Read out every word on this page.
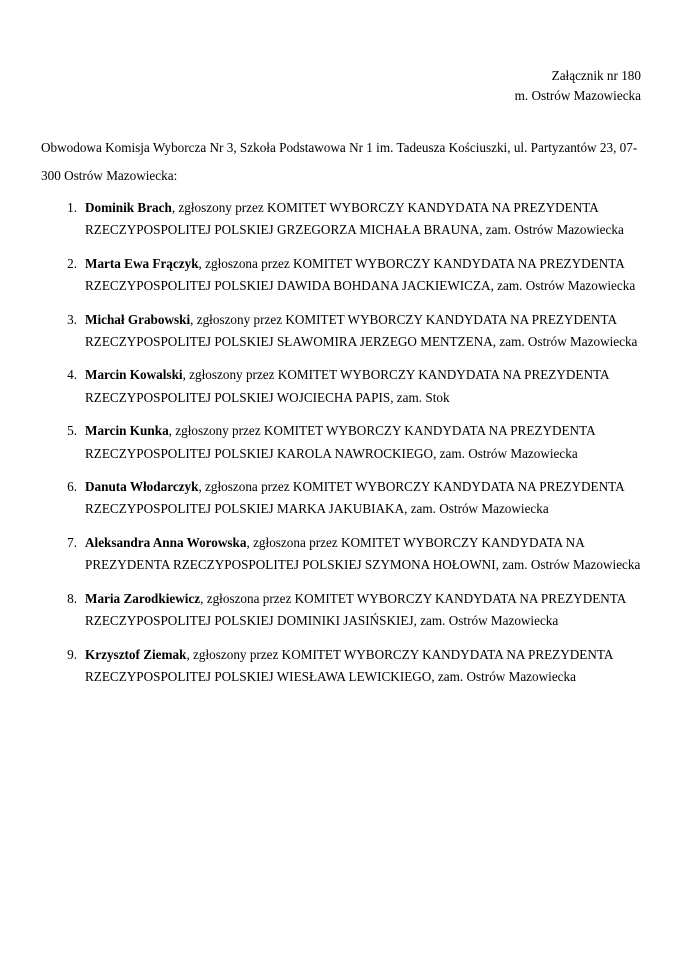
Załącznik nr 180
m. Ostrów Mazowiecka

Obwodowa Komisja Wyborcza Nr 3, Szkoła Podstawowa Nr 1 im. Tadeusza Kościuszki, ul. Partyzantów 23, 07-300 Ostrów Mazowiecka:

1. Dominik Brach, zgłoszony przez KOMITET WYBORCZY KANDYDATA NA PREZYDENTA RZECZYPOSPOLITEJ POLSKIEJ GRZEGORZA MICHAŁA BRAUNA, zam. Ostrów Mazowiecka
2. Marta Ewa Frączyk, zgłoszona przez KOMITET WYBORCZY KANDYDATA NA PREZYDENTA RZECZYPOSPOLITEJ POLSKIEJ DAWIDA BOHDANA JACKIEWICZA, zam. Ostrów Mazowiecka
3. Michał Grabowski, zgłoszony przez KOMITET WYBORCZY KANDYDATA NA PREZYDENTA RZECZYPOSPOLITEJ POLSKIEJ SŁAWOMIRA JERZEGO MENTZENA, zam. Ostrów Mazowiecka
4. Marcin Kowalski, zgłoszony przez KOMITET WYBORCZY KANDYDATA NA PREZYDENTA RZECZYPOSPOLITEJ POLSKIEJ WOJCIECHA PAPIS, zam. Stok
5. Marcin Kunka, zgłoszony przez KOMITET WYBORCZY KANDYDATA NA PREZYDENTA RZECZYPOSPOLITEJ POLSKIEJ KAROLA NAWROCKIEGO, zam. Ostrów Mazowiecka
6. Danuta Włodarczyk, zgłoszona przez KOMITET WYBORCZY KANDYDATA NA PREZYDENTA RZECZYPOSPOLITEJ POLSKIEJ MARKA JAKUBIAKA, zam. Ostrów Mazowiecka
7. Aleksandra Anna Worowska, zgłoszona przez KOMITET WYBORCZY KANDYDATA NA PREZYDENTA RZECZYPOSPOLITEJ POLSKIEJ SZYMONA HOŁOWNI, zam. Ostrów Mazowiecka
8. Maria Zarodkiewicz, zgłoszona przez KOMITET WYBORCZY KANDYDATA NA PREZYDENTA RZECZYPOSPOLITEJ POLSKIEJ DOMINIKI JASIŃSKIEJ, zam. Ostrów Mazowiecka
9. Krzysztof Ziemak, zgłoszony przez KOMITET WYBORCZY KANDYDATA NA PREZYDENTA RZECZYPOSPOLITEJ POLSKIEJ WIESŁAWA LEWICKIEGO, zam. Ostrów Mazowiecka
